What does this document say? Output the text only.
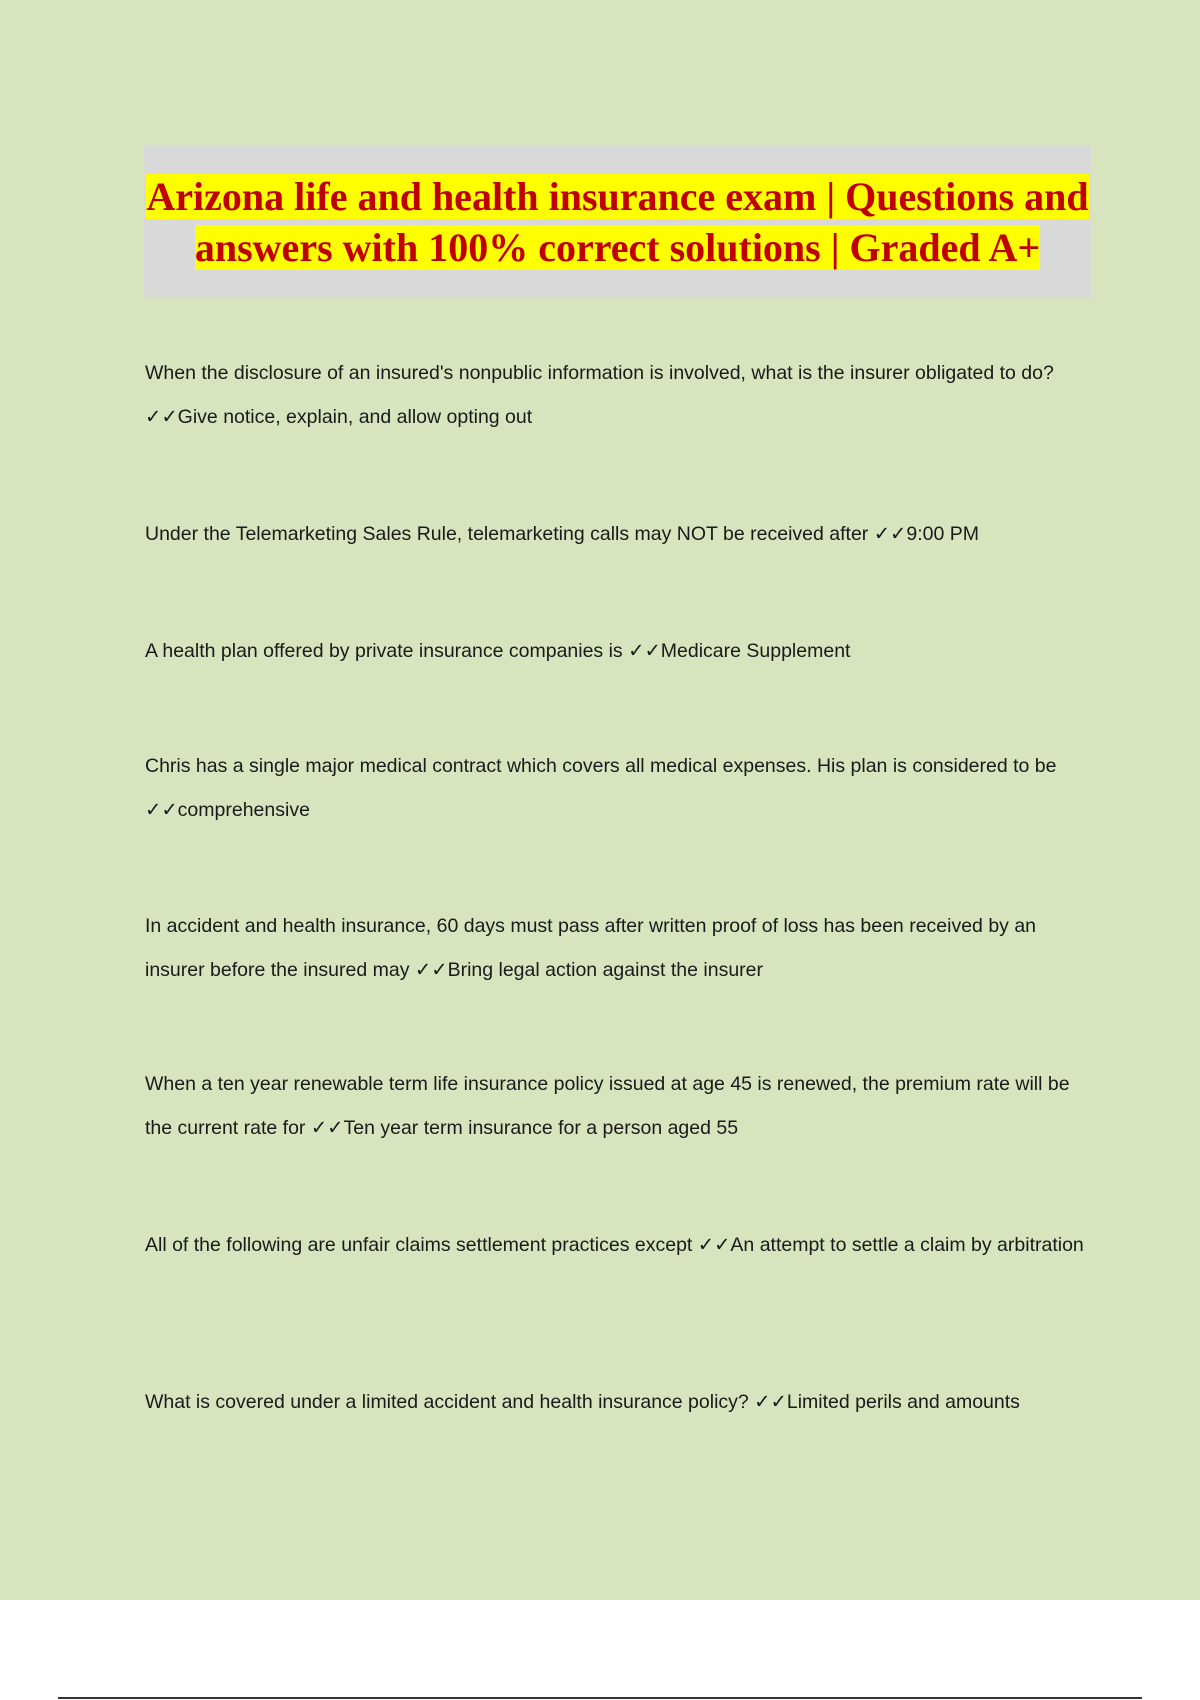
Arizona life and health insurance exam | Questions and answers with 100% correct solutions | Graded A+

When the disclosure of an insured's nonpublic information is involved, what is the insurer obligated to do? ✓✓Give notice, explain, and allow opting out

Under the Telemarketing Sales Rule, telemarketing calls may NOT be received after ✓✓9:00 PM

A health plan offered by private insurance companies is ✓✓Medicare Supplement

Chris has a single major medical contract which covers all medical expenses. His plan is considered to be ✓✓comprehensive

In accident and health insurance, 60 days must pass after written proof of loss has been received by an insurer before the insured may ✓✓Bring legal action against the insurer

When a ten year renewable term life insurance policy issued at age 45 is renewed, the premium rate will be the current rate for ✓✓Ten year term insurance for a person aged 55

All of the following are unfair claims settlement practices except ✓✓An attempt to settle a claim by arbitration

What is covered under a limited accident and health insurance policy? ✓✓Limited perils and amounts
